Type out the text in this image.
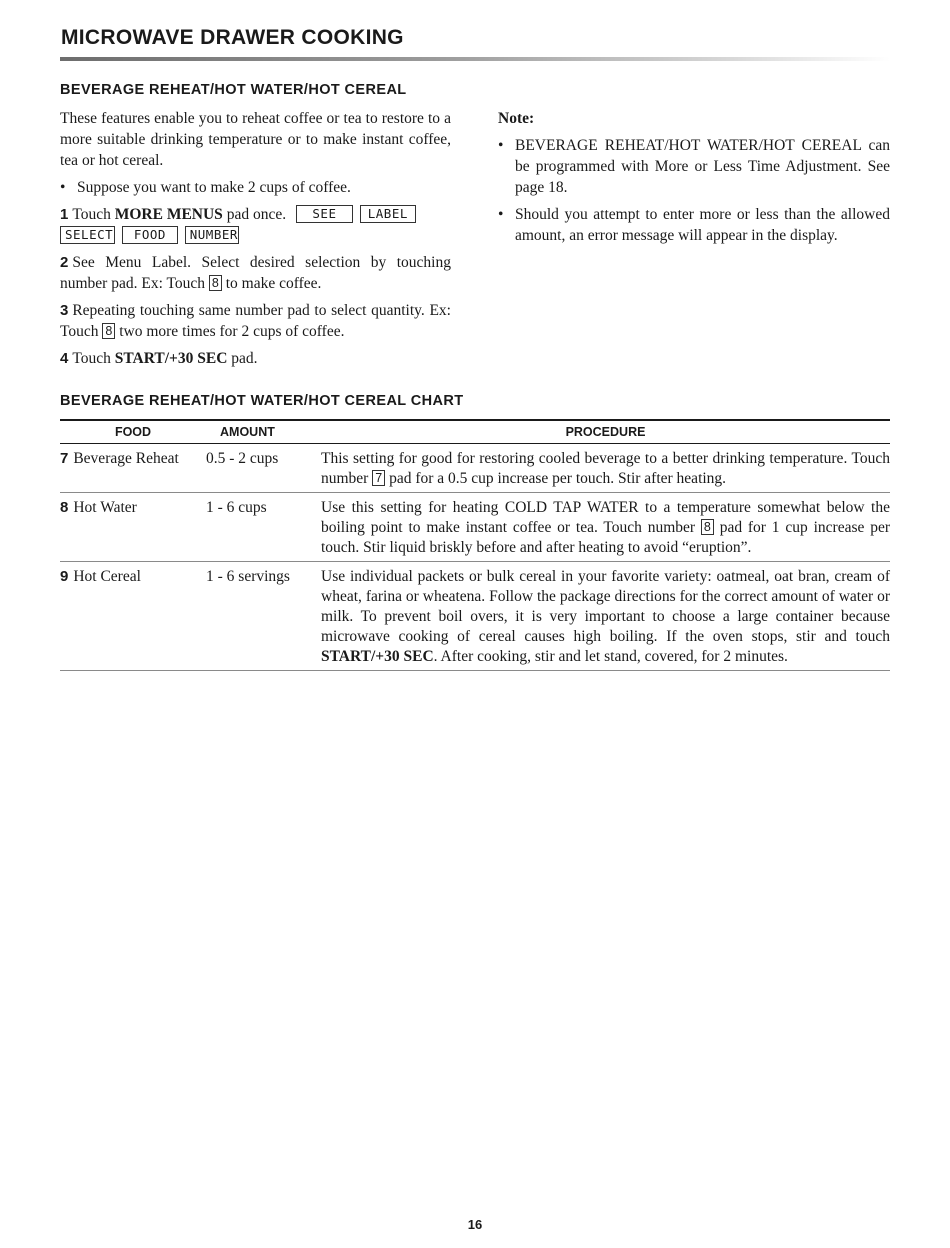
MICROWAVE DRAWER COOKING
BEVERAGE REHEAT/HOT WATER/HOT CEREAL

These features enable you to reheat coffee or tea to restore to a more suitable drinking temperature or to make instant coffee, tea or hot cereal.

• Suppose you want to make 2 cups of coffee.
1 Touch MORE MENUS pad once. SEE	LABEL
SELECT FOOD NUMBER
2 See Menu Label. Select desired selection by touching number pad. Ex: Touch 8 to make coffee.
3 Repeating touching same number pad to select quantity. Ex: Touch 8 two more times for 2 cups of coffee.
4 Touch START/+30 SEC pad.
Note:
• BEVERAGE REHEAT/HOT WATER/HOT CEREAL can be programmed with More or Less Time Adjustment. See page 18.
• Should you attempt to enter more or less than the allowed amount, an error message will appear in the display.
BEVERAGE REHEAT/HOT WATER/HOT CEREAL CHART
FOOD	AMOUNT	PROCEDURE
7 Beverage Reheat	0.5 - 2 cups	This setting for good for restoring cooled beverage to a better drinking temperature. Touch number 7 pad for a 0.5 cup increase per touch. Stir after heating.
8 Hot Water	1 - 6 cups	Use this setting for heating COLD TAP WATER to a temperature somewhat below the boiling point to make instant coffee or tea. Touch number 8 pad for 1 cup increase per touch. Stir liquid briskly before and after heating to avoid “eruption”.
9 Hot Cereal	1 - 6 servings	Use individual packets or bulk cereal in your favorite variety: oatmeal, oat bran, cream of wheat, farina or wheatena. Follow the package directions for the correct amount of water or milk. To prevent boil overs, it is very important to choose a large container because microwave cooking of cereal causes high boiling. If the oven stops, stir and touch START/+30 SEC. After cooking, stir and let stand, covered, for 2 minutes.
16
